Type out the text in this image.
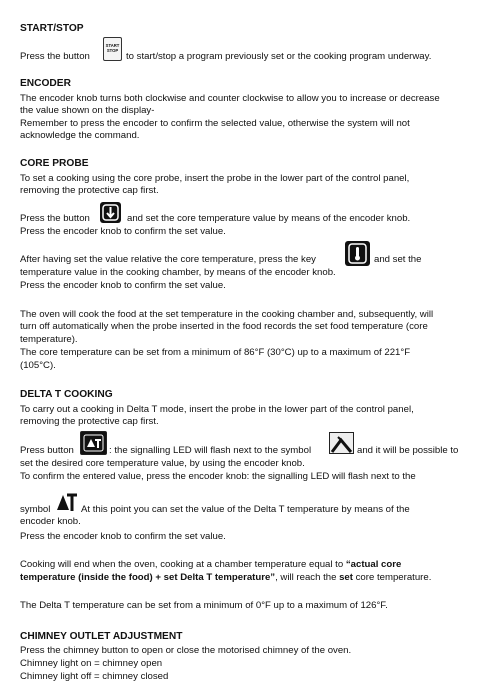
START/STOP
Press the button
START
STOP
to start/stop a program previously set or the cooking program underway.
ENCODER
The encoder knob turns both clockwise and counter clockwise to allow you to increase or decrease
the value shown on the display-
Remember to press the encoder to confirm the selected value, otherwise the system will not
acknowledge the command.
CORE PROBE
To set a cooking using the core probe, insert the probe in the lower part of the control panel,
removing the protective cap first.
Press the button	and set the core temperature value by means of the encoder knob.
Press the encoder knob to confirm the set value.
After having set the value relative the core temperature, press the key	and set the
temperature value in the cooking chamber, by means of the encoder knob.
Press the encoder knob to confirm the set value.
The oven will cook the food at the set temperature in the cooking chamber and, subsequently, will
turn off automatically when the probe inserted in the food records the set food temperature (core
temperature).
The core temperature can be set from a minimum of 86°F (30°C) up to a maximum of 221°F
(105°C).
DELTA T COOKING
To carry out a cooking in Delta T mode, insert the probe in the lower part of the control panel,
removing the protective cap first.
Press button	: the signalling LED will flash next to the symbol	and it will be possible to
set the desired core temperature value, by using the encoder knob.
To confirm the entered value, press the encoder knob: the signalling LED will flash next to the
symbol	At this point you can set the value of the Delta T temperature by means of the
encoder knob.
Press the encoder knob to confirm the set value.
Cooking will end when the oven, cooking at a chamber temperature equal to “actual core
temperature (inside the food) + set Delta T temperature”, will reach the set core temperature.
The Delta T temperature can be set from a minimum of 0°F up to a maximum of 126°F.
CHIMNEY OUTLET ADJUSTMENT
Press the chimney button to open or close the motorised chimney of the oven.
Chimney light on = chimney open
Chimney light off = chimney closed
